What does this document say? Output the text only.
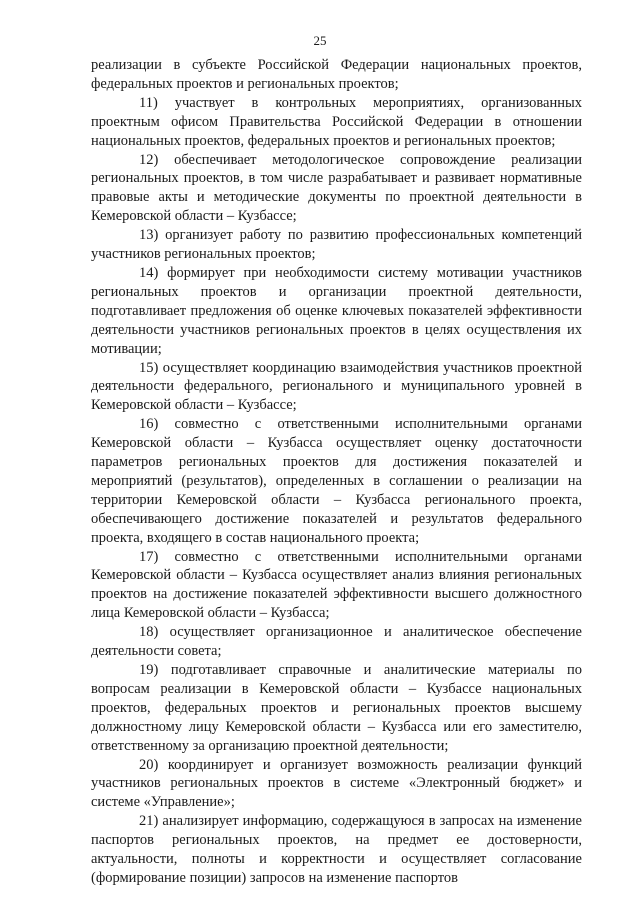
25

реализации в субъекте Российской Федерации национальных проектов, федеральных проектов и региональных проектов;

11) участвует в контрольных мероприятиях, организованных проектным офисом Правительства Российской Федерации в отношении национальных проектов, федеральных проектов и региональных проектов;

12) обеспечивает методологическое сопровождение реализации региональных проектов, в том числе разрабатывает и развивает нормативные правовые акты и методические документы по проектной деятельности в Кемеровской области – Кузбассе;

13) организует работу по развитию профессиональных компетенций участников региональных проектов;

14) формирует при необходимости систему мотивации участников региональных проектов и организации проектной деятельности, подготавливает предложения об оценке ключевых показателей эффективности деятельности участников региональных проектов в целях осуществления их мотивации;

15) осуществляет координацию взаимодействия участников проектной деятельности федерального, регионального и муниципального уровней в Кемеровской области – Кузбассе;

16) совместно с ответственными исполнительными органами Кемеровской области – Кузбасса осуществляет оценку достаточности параметров региональных проектов для достижения показателей и мероприятий (результатов), определенных в соглашении о реализации на территории Кемеровской области – Кузбасса регионального проекта, обеспечивающего достижение показателей и результатов федерального проекта, входящего в состав национального проекта;

17) совместно с ответственными исполнительными органами Кемеровской области – Кузбасса осуществляет анализ влияния региональных проектов на достижение показателей эффективности высшего должностного лица Кемеровской области – Кузбасса;

18) осуществляет организационное и аналитическое обеспечение деятельности совета;

19) подготавливает справочные и аналитические материалы по вопросам реализации в Кемеровской области – Кузбассе национальных проектов, федеральных проектов и региональных проектов высшему должностному лицу Кемеровской области – Кузбасса или его заместителю, ответственному за организацию проектной деятельности;

20) координирует и организует возможность реализации функций участников региональных проектов в системе «Электронный бюджет» и системе «Управление»;

21) анализирует информацию, содержащуюся в запросах на изменение паспортов региональных проектов, на предмет ее достоверности, актуальности, полноты и корректности и осуществляет согласование (формирование позиции) запросов на изменение паспортов
